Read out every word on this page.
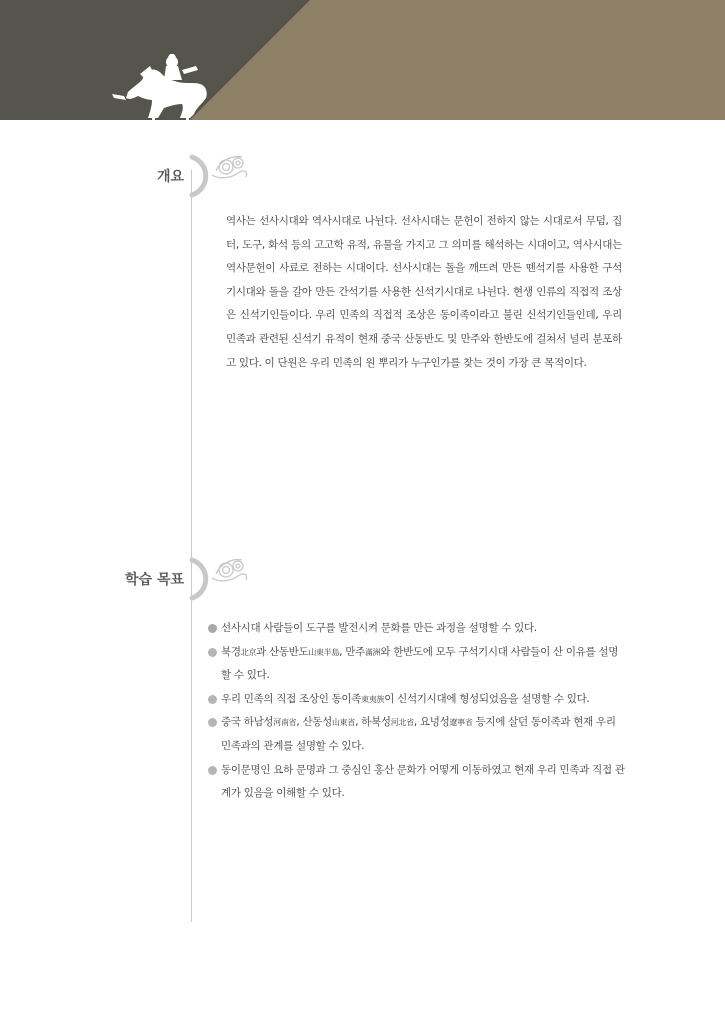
개요
역사는 선사시대와 역사시대로 나뉜다. 선사시대는 문헌이 전하지 않는 시대로서 무덤, 집터, 도구, 화석 등의 고고학 유적, 유물을 가지고 그 의미를 해석하는 시대이고, 역사시대는 역사문헌이 사료로 전하는 시대이다. 선사시대는 돌을 깨뜨려 만든 뗀석기를 사용한 구석기시대와 돌을 갈아 만든 간석기를 사용한 신석기시대로 나뉜다. 현생 인류의 직접적 조상은 신석기인들이다. 우리 민족의 직접적 조상은 동이족이라고 불린 신석기인들인데, 우리 민족과 관련된 신석기 유적이 현재 중국 산동반도 및 만주와 한반도에 걸쳐서 널리 분포하고 있다. 이 단원은 우리 민족의 원 뿌리가 누구인가를 찾는 것이 가장 큰 목적이다.
학습 목표
선사시대 사람들이 도구를 발전시켜 문화를 만든 과정을 설명할 수 있다.
북경北京과 산동반도山東半島, 만주滿洲와 한반도에 모두 구석기시대 사람들이 산 이유를 설명할 수 있다.
우리 민족의 직접 조상인 동이족東夷族이 신석기시대에 형성되었음을 설명할 수 있다.
중국 하남성河南省, 산동성山東省, 하북성河北省, 요녕성遼寧省 등지에 살던 동이족과 현재 우리 민족과의 관계를 설명할 수 있다.
동이문명인 요하 문명과 그 중심인 홍산 문화가 어떻게 이동하였고 현재 우리 민족과 직접 관계가 있음을 이해할 수 있다.
